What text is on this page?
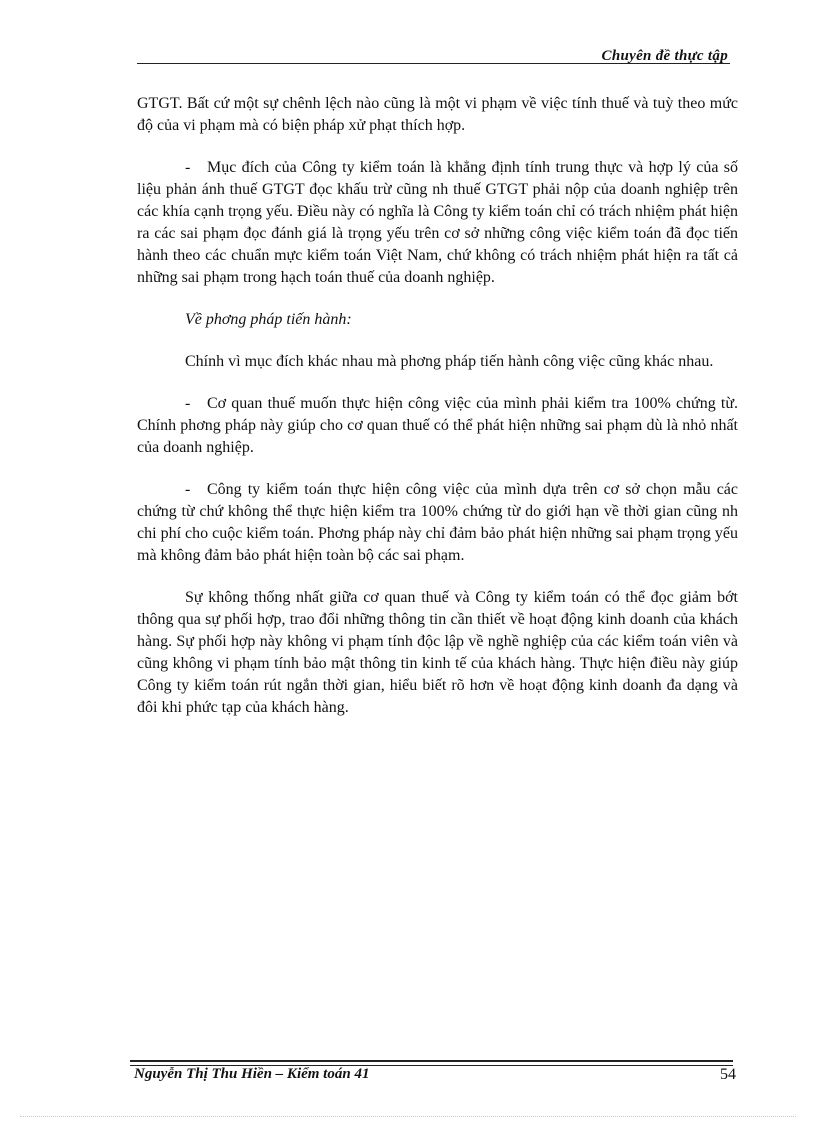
Chuyên đề thực tập

GTGT. Bất cứ một sự chênh lệch nào cũng là một vi phạm về việc tính thuế và tuỳ theo mức độ của vi phạm mà có biện pháp xử phạt thích hợp.

- Mục đích của Công ty kiểm toán là khẳng định tính trung thực và hợp lý của số liệu phản ánh thuế GTGT đọc khấu trừ cũng nh thuế GTGT phải nộp của doanh nghiệp trên các khía cạnh trọng yếu. Điều này có nghĩa là Công ty kiểm toán chỉ có trách nhiệm phát hiện ra các sai phạm đọc đánh giá là trọng yếu trên cơ sở những công việc kiểm toán đã đọc tiến hành theo các chuẩn mực kiểm toán Việt Nam, chứ không có trách nhiệm phát hiện ra tất cả những sai phạm trong hạch toán thuế của doanh nghiệp.

Về phơng pháp tiến hành:

Chính vì mục đích khác nhau mà phơng pháp tiến hành công việc cũng khác nhau.

- Cơ quan thuế muốn thực hiện công việc của mình phải kiểm tra 100% chứng từ. Chính phơng pháp này giúp cho cơ quan thuế có thể phát hiện những sai phạm dù là nhỏ nhất của doanh nghiệp.

- Công ty kiểm toán thực hiện công việc của mình dựa trên cơ sở chọn mẫu các chứng từ chứ không thể thực hiện kiểm tra 100% chứng từ do giới hạn về thời gian cũng nh chi phí cho cuộc kiểm toán. Phơng pháp này chỉ đảm bảo phát hiện những sai phạm trọng yếu mà không đảm bảo phát hiện toàn bộ các sai phạm.

Sự không thống nhất giữa cơ quan thuế và Công ty kiểm toán có thể đọc giảm bớt thông qua sự phối hợp, trao đổi những thông tin cần thiết về hoạt động kinh doanh của khách hàng. Sự phối hợp này không vi phạm tính độc lập về nghề nghiệp của các kiểm toán viên và cũng không vi phạm tính bảo mật thông tin kinh tế của khách hàng. Thực hiện điều này giúp Công ty kiểm toán rút ngắn thời gian, hiểu biết rõ hơn về hoạt động kinh doanh đa dạng và đôi khi phức tạp của khách hàng.

Nguyễn Thị Thu Hiền – Kiểm toán 41	54
